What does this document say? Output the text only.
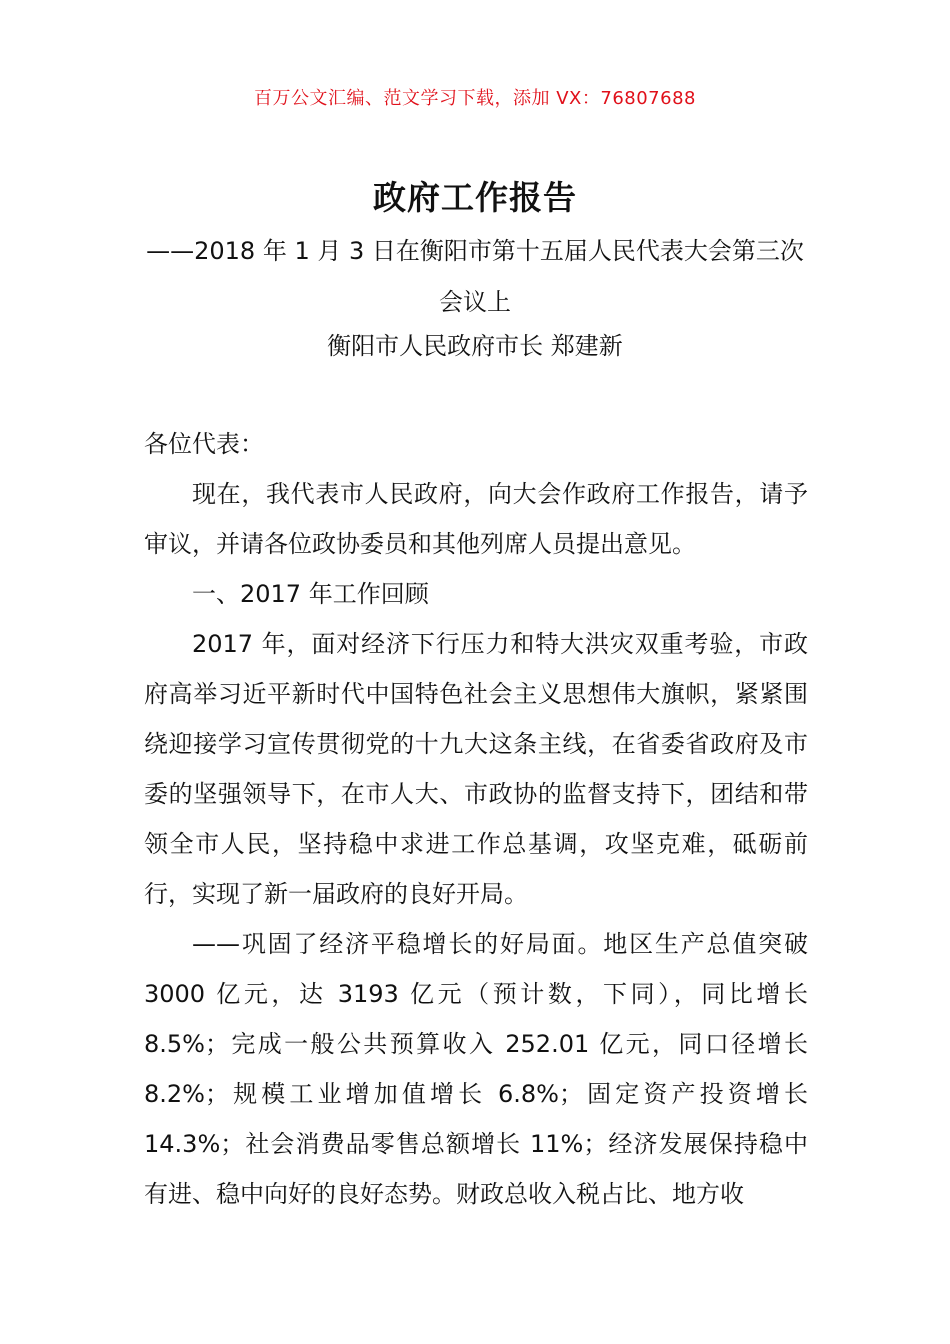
百万公文汇编、范文学习下载，添加 VX：76807688
政府工作报告
——2018 年 1 月 3 日在衡阳市第十五届人民代表大会第三次会议上
衡阳市人民政府市长 郑建新

各位代表：

现在，我代表市人民政府，向大会作政府工作报告，请予审议，并请各位政协委员和其他列席人员提出意见。

一、2017 年工作回顾

2017 年，面对经济下行压力和特大洪灾双重考验，市政府高举习近平新时代中国特色社会主义思想伟大旗帜，紧紧围绕迎接学习宣传贯彻党的十九大这条主线，在省委省政府及市委的坚强领导下，在市人大、市政协的监督支持下，团结和带领全市人民，坚持稳中求进工作总基调，攻坚克难，砥砺前行，实现了新一届政府的良好开局。

——巩固了经济平稳增长的好局面。地区生产总值突破 3000 亿元，达 3193 亿元（预计数，下同），同比增长 8.5%；完成一般公共预算收入 252.01 亿元，同口径增长 8.2%；规模工业增加值增长 6.8%；固定资产投资增长 14.3%；社会消费品零售总额增长 11%；经济发展保持稳中有进、稳中向好的良好态势。财政总收入税占比、地方收
